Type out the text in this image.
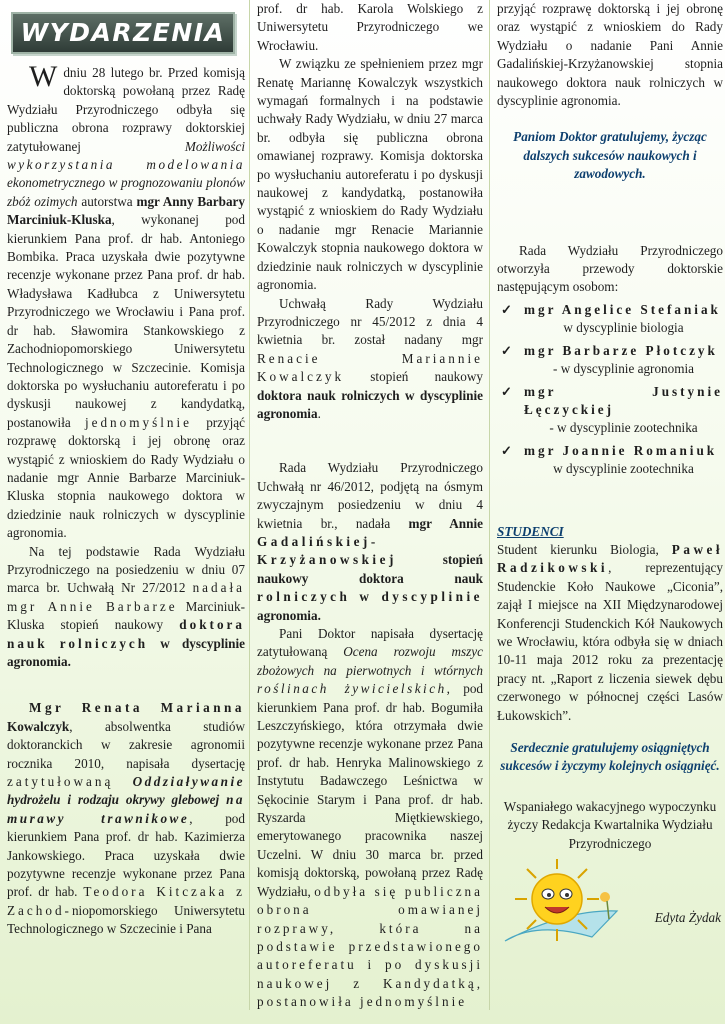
WYDARZENIA

Wdniu 28 lutego br. Przed komisją doktorską powołaną przez Radę Wydziału Przyrodniczego odbyła się publiczna obrona rozprawy doktorskiej zatytułowanej Możliwości wykorzystania modelowania ekonometrycznego w prognozowaniu plonów zbóż ozimych autorstwa mgr Anny Barbary Marciniuk-Kluska, wykonanej pod kierunkiem Pana prof. dr hab. Antoniego Bombika. Praca uzyskała dwie pozytywne recenzje wykonane przez Pana prof. dr hab. Władysława Kadłubca z Uniwersytetu Przyrodniczego we Wrocławiu i Pana prof. dr hab. Sławomira Stankowskiego z Zachodniopomorskiego Uniwersytetu Technologicznego w Szczecinie. Komisja doktorska po wysłuchaniu autoreferatu i po dyskusji naukowej z kandydatką, postanowiła jednomyślnie przyjąć rozprawę doktorską i jej obronę oraz wystąpić z wnioskiem do Rady Wydziału o nadanie mgr Annie Barbarze Marciniuk-Kluska stopnia naukowego doktora w dziedzinie nauk rolniczych w dyscyplinie agronomia.

Na tej podstawie Rada Wydziału Przyrodniczego na posiedzeniu w dniu 07 marca br. Uchwałą Nr 27/2012 nadała mgr Annie Barbarze Marciniuk-Kluska stopień naukowy doktora nauk rolniczych w dyscyplinie agronomia.

Mgr Renata Marianna Kowalczyk, absolwentka studiów doktoranckich w zakresie agronomii rocznika 2010, napisała dysertację zatytułowaną Oddziaływanie hydrożelu i rodzaju okrywy glebowej na murawy trawnikowe, pod kierunkiem Pana prof. dr hab. Kazimierza Jankowskiego. Praca uzyskała dwie pozytywne recenzje wykonane przez Pana prof. dr hab. Teodora Kitczaka z Zachod-niopomorskiego Uniwersytetu Technologicznego w Szczecinie i Pana

prof. dr hab. Karola Wolskiego z Uniwersytetu Przyrodniczego we Wrocławiu.

W związku ze spełnieniem przez mgr Renatę Mariannę Kowalczyk wszystkich wymagań formalnych i na podstawie uchwały Rady Wydziału, w dniu 27 marca br. odbyła się publiczna obrona omawianej rozprawy. Komisja doktorska po wysłuchaniu autoreferatu i po dyskusji naukowej z kandydatką, postanowiła wystąpić z wnioskiem do Rady Wydziału o nadanie mgr Renacie Mariannie Kowalczyk stopnia naukowego doktora w dziedzinie nauk rolniczych w dyscyplinie agronomia.

Uchwałą Rady Wydziału Przyrodniczego nr 45/2012 z dnia 4 kwietnia br. został nadany mgr Renacie Mariannie Kowalczyk stopień naukowy doktora nauk rolniczych w dyscyplinie agronomia.

Rada Wydziału Przyrodniczego Uchwałą nr 46/2012, podjętą na ósmym zwyczajnym posiedzeniu w dniu 4 kwietnia br., nadała mgr Annie Gadalińskiej-Krzyżanowskiej stopień naukowy doktora nauk rolniczych w dyscyplinie agronomia.

Pani Doktor napisała dysertację zatytułowaną Ocena rozwoju mszyc zbożowych na pierwotnych i wtórnych roślinach żywicielskich, pod kierunkiem Pana prof. dr hab. Bogumiła Leszczyńskiego, która otrzymała dwie pozytywne recenzje wykonane przez Pana prof. dr hab. Henryka Malinowskiego z Instytutu Badawczego Leśnictwa w Sękocinie Starym i Pana prof. dr hab. Ryszarda Miętkiewskiego, emerytowanego pracownika naszej Uczelni. W dniu 30 marca br. przed komisją doktorską, powołaną przez Radę Wydziału, odbyła się publiczna obrona	omawianej rozprawy, która na podstawie przedstawionego autoreferatu i po dyskusji naukowej z Kandydatką, postanowiła jednomyślnie

przyjąć rozprawę doktorską i jej obronę oraz wystąpić z wnioskiem do Rady Wydziału o nadanie Pani Annie Gadalińskiej-Krzyżanowskiej stopnia naukowego doktora nauk rolniczych w dyscyplinie agronomia.

Paniom Doktor gratulujemy, życząc dalszych sukcesów naukowych i zawodowych.

Rada Wydziału Przyrodniczego otworzyła przewody doktorskie następującym osobom:

✓ mgr Angelice Stefaniak
w dyscyplinie biologia
✓ mgr Barbarze Płotczyk
- w dyscyplinie agronomia
✓ mgr Justynie Łęczyckiej
- w dyscyplinie zootechnika
✓ mgr Joannie Romaniuk
w dyscyplinie zootechnika

STUDENCI

Student kierunku Biologia, Paweł Radzikowski, reprezentujący Studenckie Koło Naukowe „Ciconia”, zajął I miejsce na XII Międzynarodowej Konferencji Studenckich Kół Naukowych we Wrocławiu, która odbyła się w dniach 10-11 maja 2012 roku za prezentację pracy nt. „Raport z liczenia siewek dębu czerwonego w północnej części Lasów Łukowskich”.

Serdecznie gratulujemy osiągniętych sukcesów i życzymy kolejnych osiągnięć.

Wspaniałego wakacyjnego wypoczynku życzy Redakcja Kwartalnika Wydziału Przyrodniczego

Edyta Żydak
